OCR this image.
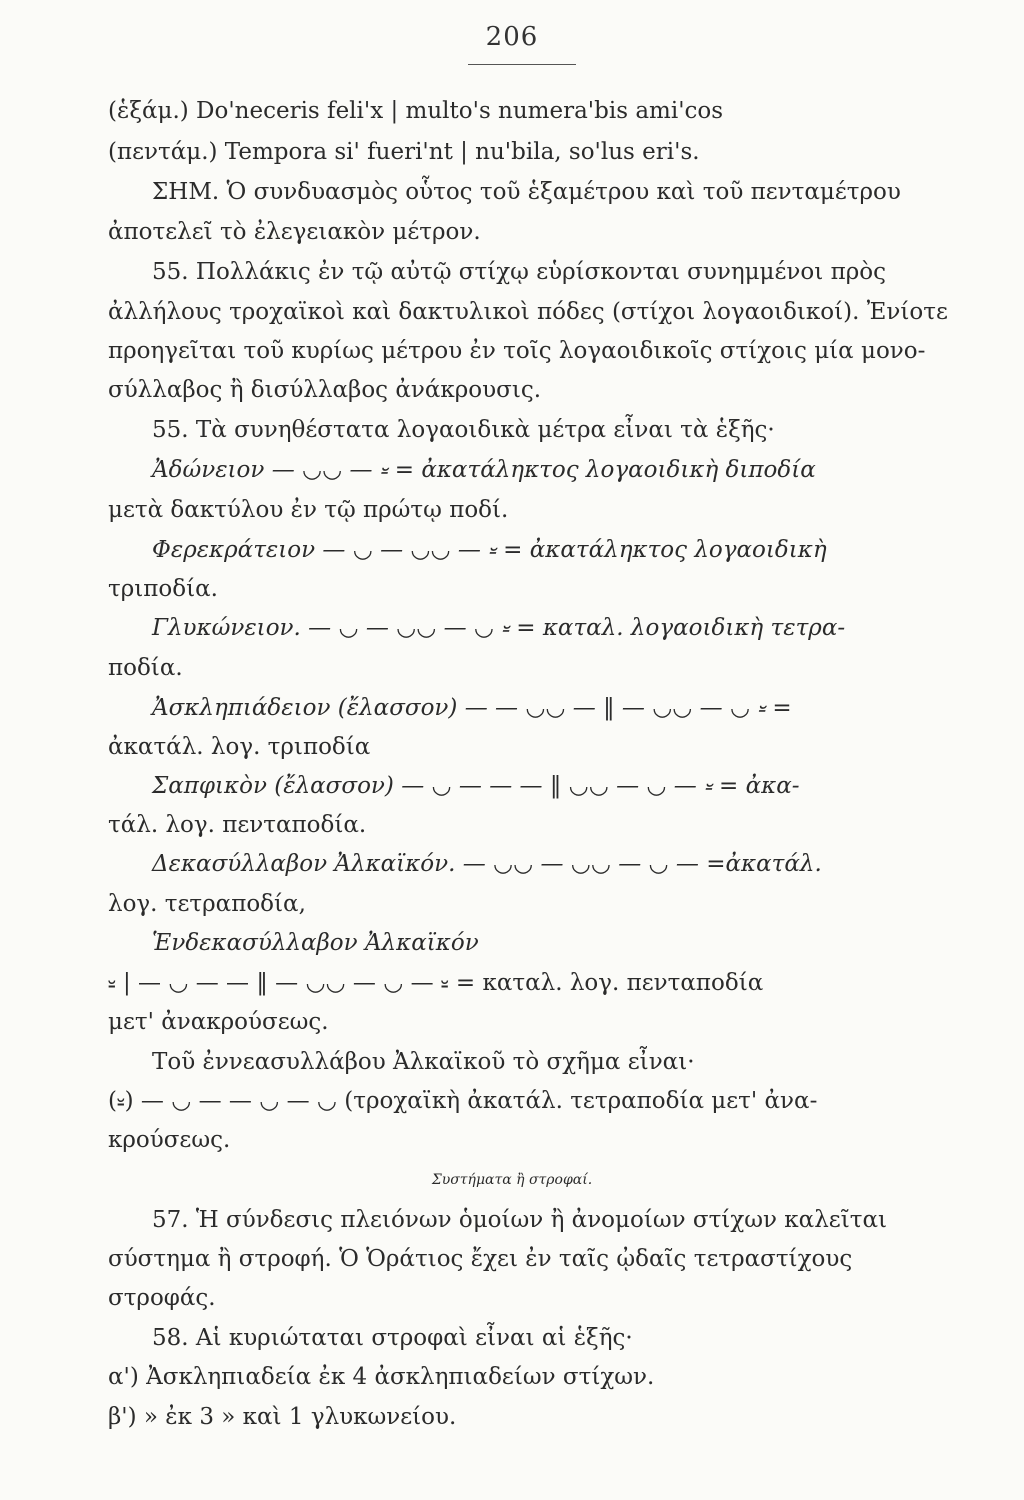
206
(ἑξάμ.) Do'neceris feli'x | multo's numera'bis ami'cos
(πεντάμ.) Tempora si' fueri'nt | nu'bila, so'lus eri's.
ΣΗΜ. Ὁ συνδυασμὸς οὗτος τοῦ ἑξαμέτρου καὶ τοῦ πενταμέτρου
ἀποτελεῖ τὸ ἐλεγειακὸν μέτρον.
55. Πολλάκις ἐν τῷ αὐτῷ στίχῳ εὑρίσκονται συνημμένοι πρὸς
ἀλλήλους τροχαϊκοὶ καὶ δακτυλικοὶ πόδες (στίχοι λογαοιδικοί). Ἐνίοτε
προηγεῖται τοῦ κυρίως μέτρου ἐν τοῖς λογαοιδικοῖς στίχοις μία μονο-
σύλλαβος ἢ δισύλλαβος ἀνάκρουσις.
55. Τὰ συνηθέστατα λογαοιδικὰ μέτρα εἶναι τὰ ἑξῆς·
Ἀδώνειον — ◡◡ — ⏓ = ἀκατάληκτος λογαοιδικὴ διποδία
μετὰ δακτύλου ἐν τῷ πρώτῳ ποδί.
Φερεκράτειον — ◡ — ◡◡ — ⏓ = ἀκατάληκτος λογαοιδικὴ
τριποδία.
Γλυκώνειον. — ◡ — ◡◡ — ◡ ⏓ = καταλ. λογαοιδικὴ τετρα-
ποδία.
Ἀσκληπιάδειον (ἔλασσον) — — ◡◡ — ‖ — ◡◡ — ◡ ⏓ =
ἀκατάλ. λογ. τριποδία
Σαπφικὸν (ἔλασσον) — ◡ — — — ‖ ◡◡ — ◡ — ⏓ = ἀκα-
τάλ. λογ. πενταποδία.
Δεκασύλλαβον Ἀλκαϊκόν. — ◡◡ — ◡◡ — ◡ — =ἀκατάλ.
λογ. τετραποδία,
Ἑνδεκασύλλαβον Ἀλκαϊκόν
⏓ | — ◡ — — ‖ — ◡◡ — ◡ — ⏓ = καταλ. λογ. πενταποδία
μετ' ἀνακρούσεως.
Τοῦ ἐννεασυλλάβου Ἀλκαϊκοῦ τὸ σχῆμα εἶναι·
(⏓) — ◡ — — ◡ — ◡ (τροχαϊκὴ ἀκατάλ. τετραποδία μετ' ἀνα-
κρούσεως.
Συστήματα ἢ στροφαί.
57. Ἡ σύνδεσις πλειόνων ὁμοίων ἢ ἀνομοίων στίχων καλεῖται
σύστημα ἢ στροφή. Ὁ Ὁράτιος ἔχει ἐν ταῖς ᾠδαῖς τετραστίχους
στροφάς.
58. Αἱ κυριώταται στροφαὶ εἶναι αἱ ἑξῆς·
α') Ἀσκληπιαδεία ἐκ 4 ἀσκληπιαδείων στίχων.
β') » ἐκ 3 » καὶ 1 γλυκωνείου.
